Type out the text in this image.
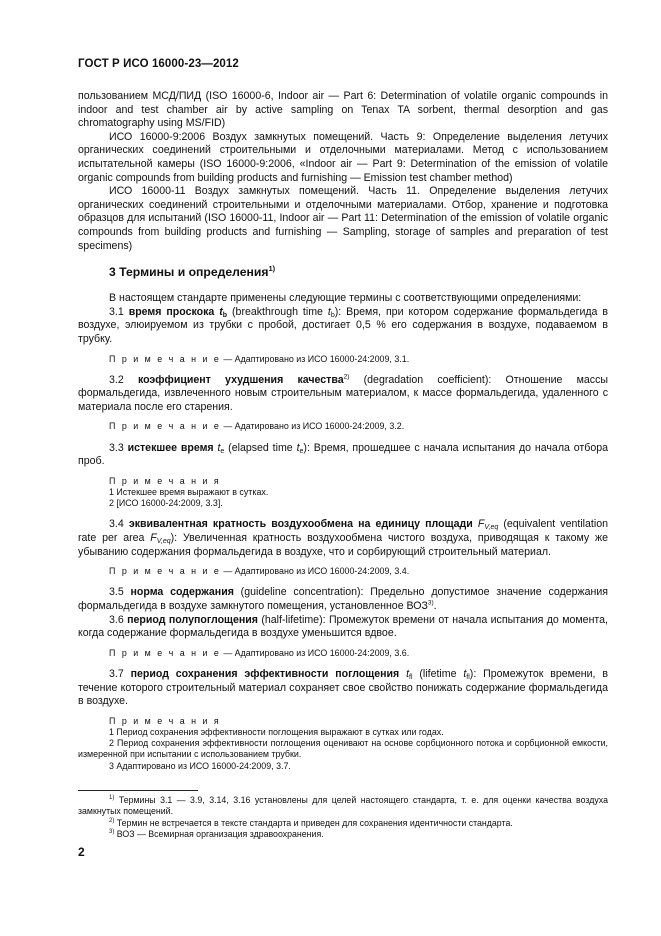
ГОСТ Р ИСО 16000-23—2012

пользованием МСД/ПИД (ISO 16000-6, Indoor air — Part 6: Determination of volatile organic compounds in indoor and test chamber air by active sampling on Tenax TA sorbent, thermal desorption and gas chromatography using MS/FID)

ИСО 16000-9:2006 Воздух замкнутых помещений. Часть 9: Определение выделения летучих органических соединений строительными и отделочными материалами. Метод с использованием испытательной камеры (ISO 16000-9:2006, «Indoor air — Part 9: Determination of the emission of volatile organic compounds from building products and furnishing — Emission test chamber method)

ИСО 16000-11 Воздух замкнутых помещений. Часть 11. Определение выделения летучих органических соединений строительными и отделочными материалами. Отбор, хранение и подготовка образцов для испытаний (ISO 16000-11, Indoor air — Part 11: Determination of the emission of volatile organic compounds from building products and furnishing — Sampling, storage of samples and preparation of test specimens)

3 Термины и определения$^{1)}$

В настоящем стандарте применены следующие термины с соответствующими определениями:

3.1 время проскока $t_b$ (breakthrough time $t_b$): Время, при котором содержание формальдегида в воздухе, элюируемом из трубки с пробой, достигает 0,5 % его содержания в воздухе, подаваемом в трубку.

П р и м е ч а н и е — Адаптировано из ИСО 16000-24:2009, 3.1.

3.2 коэффициент ухудшения качества$^{2)}$ (degradation coefficient): Отношение массы формальдегида, извлеченного новым строительным материалом, к массе формальдегида, удаленного с материала после его старения.

П р и м е ч а н и е — Адатировано из ИСО 16000-24:2009, 3.2.

3.3 истекшее время $t_e$ (elapsed time $t_e$): Время, прошедшее с начала испытания до начала отбора проб.

П р и м е ч а н и я

1 Истекшее время выражают в сутках.

2 [ИСО 16000-24:2009, 3.3].

3.4 эквивалентная кратность воздухообмена на единицу площади $F_{V,eq}$ (equivalent ventilation rate per area $F_{V,eq}$): Увеличенная кратность воздухообмена чистого воздуха, приводящая к такому же убыванию содержания формальдегида в воздухе, что и сорбирующий строительный материал.

П р и м е ч а н и е — Адаптировано из ИСО 16000-24:2009, 3.4.

3.5 норма содержания (guideline concentration): Предельно допустимое значение содержания формальдегида в воздухе замкнутого помещения, установленное ВОЗ$^{3)}$.

3.6 период полупоглощения (half-lifetime): Промежуток времени от начала испытания до момента, когда содержание формальдегида в воздухе уменьшится вдвое.

П р и м е ч а н и е — Адаптировано из ИСО 16000-24:2009, 3.6.

3.7 период сохранения эффективности поглощения $t_{fl}$ (lifetime $t_{fl}$): Промежуток времени, в течение которого строительный материал сохраняет свое свойство понижать содержание формальдегида в воздухе.

П р и м е ч а н и я

1 Период сохранения эффективности поглощения выражают в сутках или годах.

2 Период сохранения эффективности поглощения оценивают на основе сорбционного потока и сорбционной емкости, измеренной при испытании с использованием трубки.

3 Адаптировано из ИСО 16000-24:2009, 3.7.

$^{1)}$ Термины 3.1 — 3.9, 3.14, 3.16 установлены для целей настоящего стандарта, т. е. для оценки качества воздуха замкнутых помещений.

$^{2)}$ Термин не встречается в тексте стандарта и приведен для сохранения идентичности стандарта.

$^{3)}$ ВОЗ — Всемирная организация здравоохранения.

2
